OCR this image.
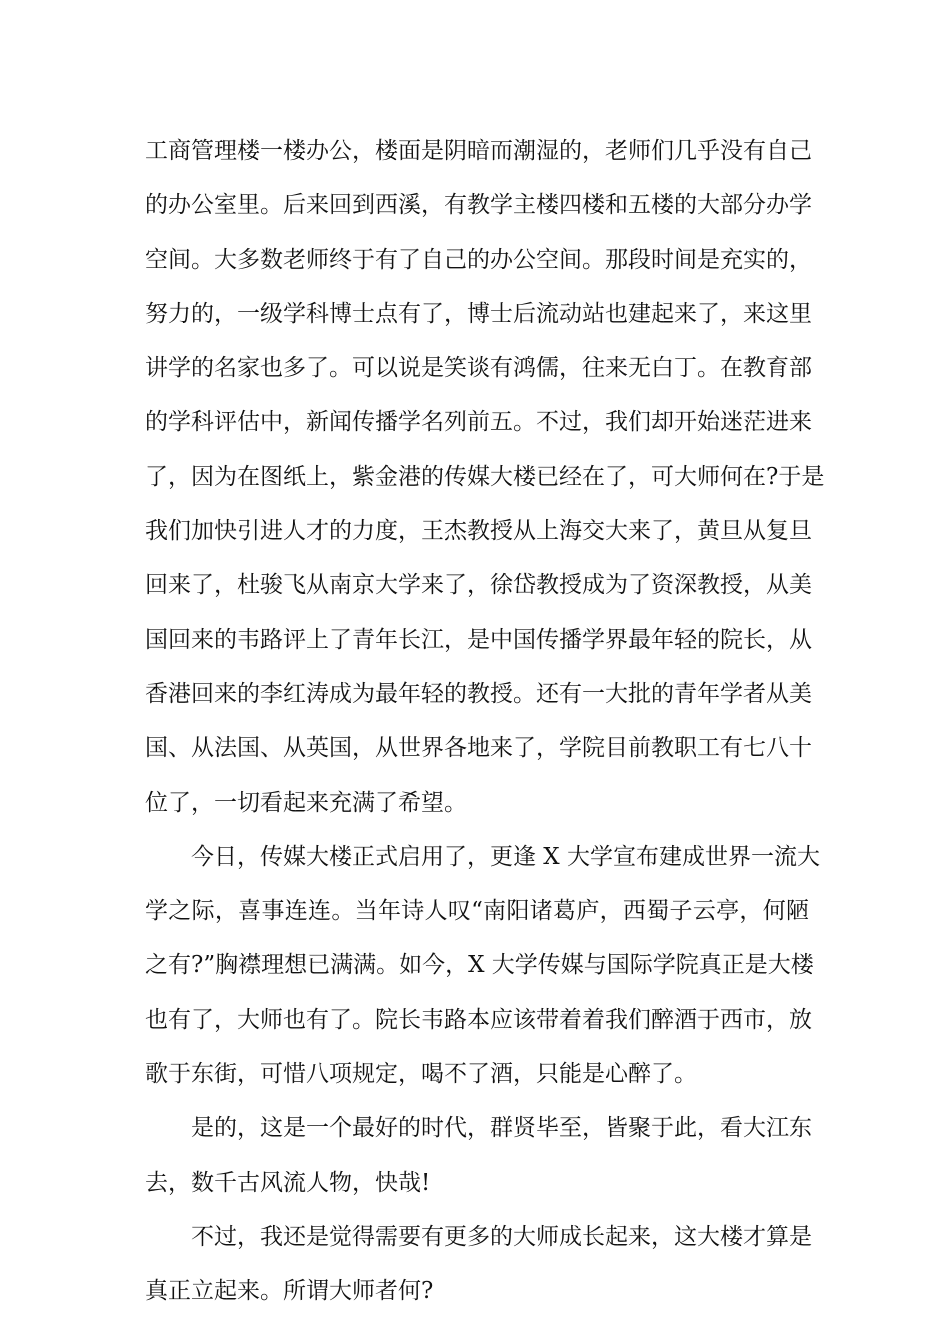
工商管理楼一楼办公，楼面是阴暗而潮湿的，老师们几乎没有自己
的办公室里。后来回到西溪，有教学主楼四楼和五楼的大部分办学
空间。大多数老师终于有了自己的办公空间。那段时间是充实的，
努力的，一级学科博士点有了，博士后流动站也建起来了，来这里
讲学的名家也多了。可以说是笑谈有鸿儒，往来无白丁。在教育部
的学科评估中，新闻传播学名列前五。不过，我们却开始迷茫进来
了，因为在图纸上，紫金港的传媒大楼已经在了，可大师何在?于是
我们加快引进人才的力度，王杰教授从上海交大来了，黄旦从复旦
回来了，杜骏飞从南京大学来了，徐岱教授成为了资深教授，从美
国回来的韦路评上了青年长江，是中国传播学界最年轻的院长，从
香港回来的李红涛成为最年轻的教授。还有一大批的青年学者从美
国、从法国、从英国，从世界各地来了，学院目前教职工有七八十
位了，一切看起来充满了希望。
今日，传媒大楼正式启用了，更逢 X 大学宣布建成世界一流大
学之际，喜事连连。当年诗人叹“南阳诸葛庐，西蜀子云亭，何陋
之有?”胸襟理想已满满。如今，X 大学传媒与国际学院真正是大楼
也有了，大师也有了。院长韦路本应该带着着我们醉酒于西市，放
歌于东街，可惜八项规定，喝不了酒，只能是心醉了。
是的，这是一个最好的时代，群贤毕至，皆聚于此，看大江东
去，数千古风流人物，快哉!
不过，我还是觉得需要有更多的大师成长起来，这大楼才算是
真正立起来。所谓大师者何?
